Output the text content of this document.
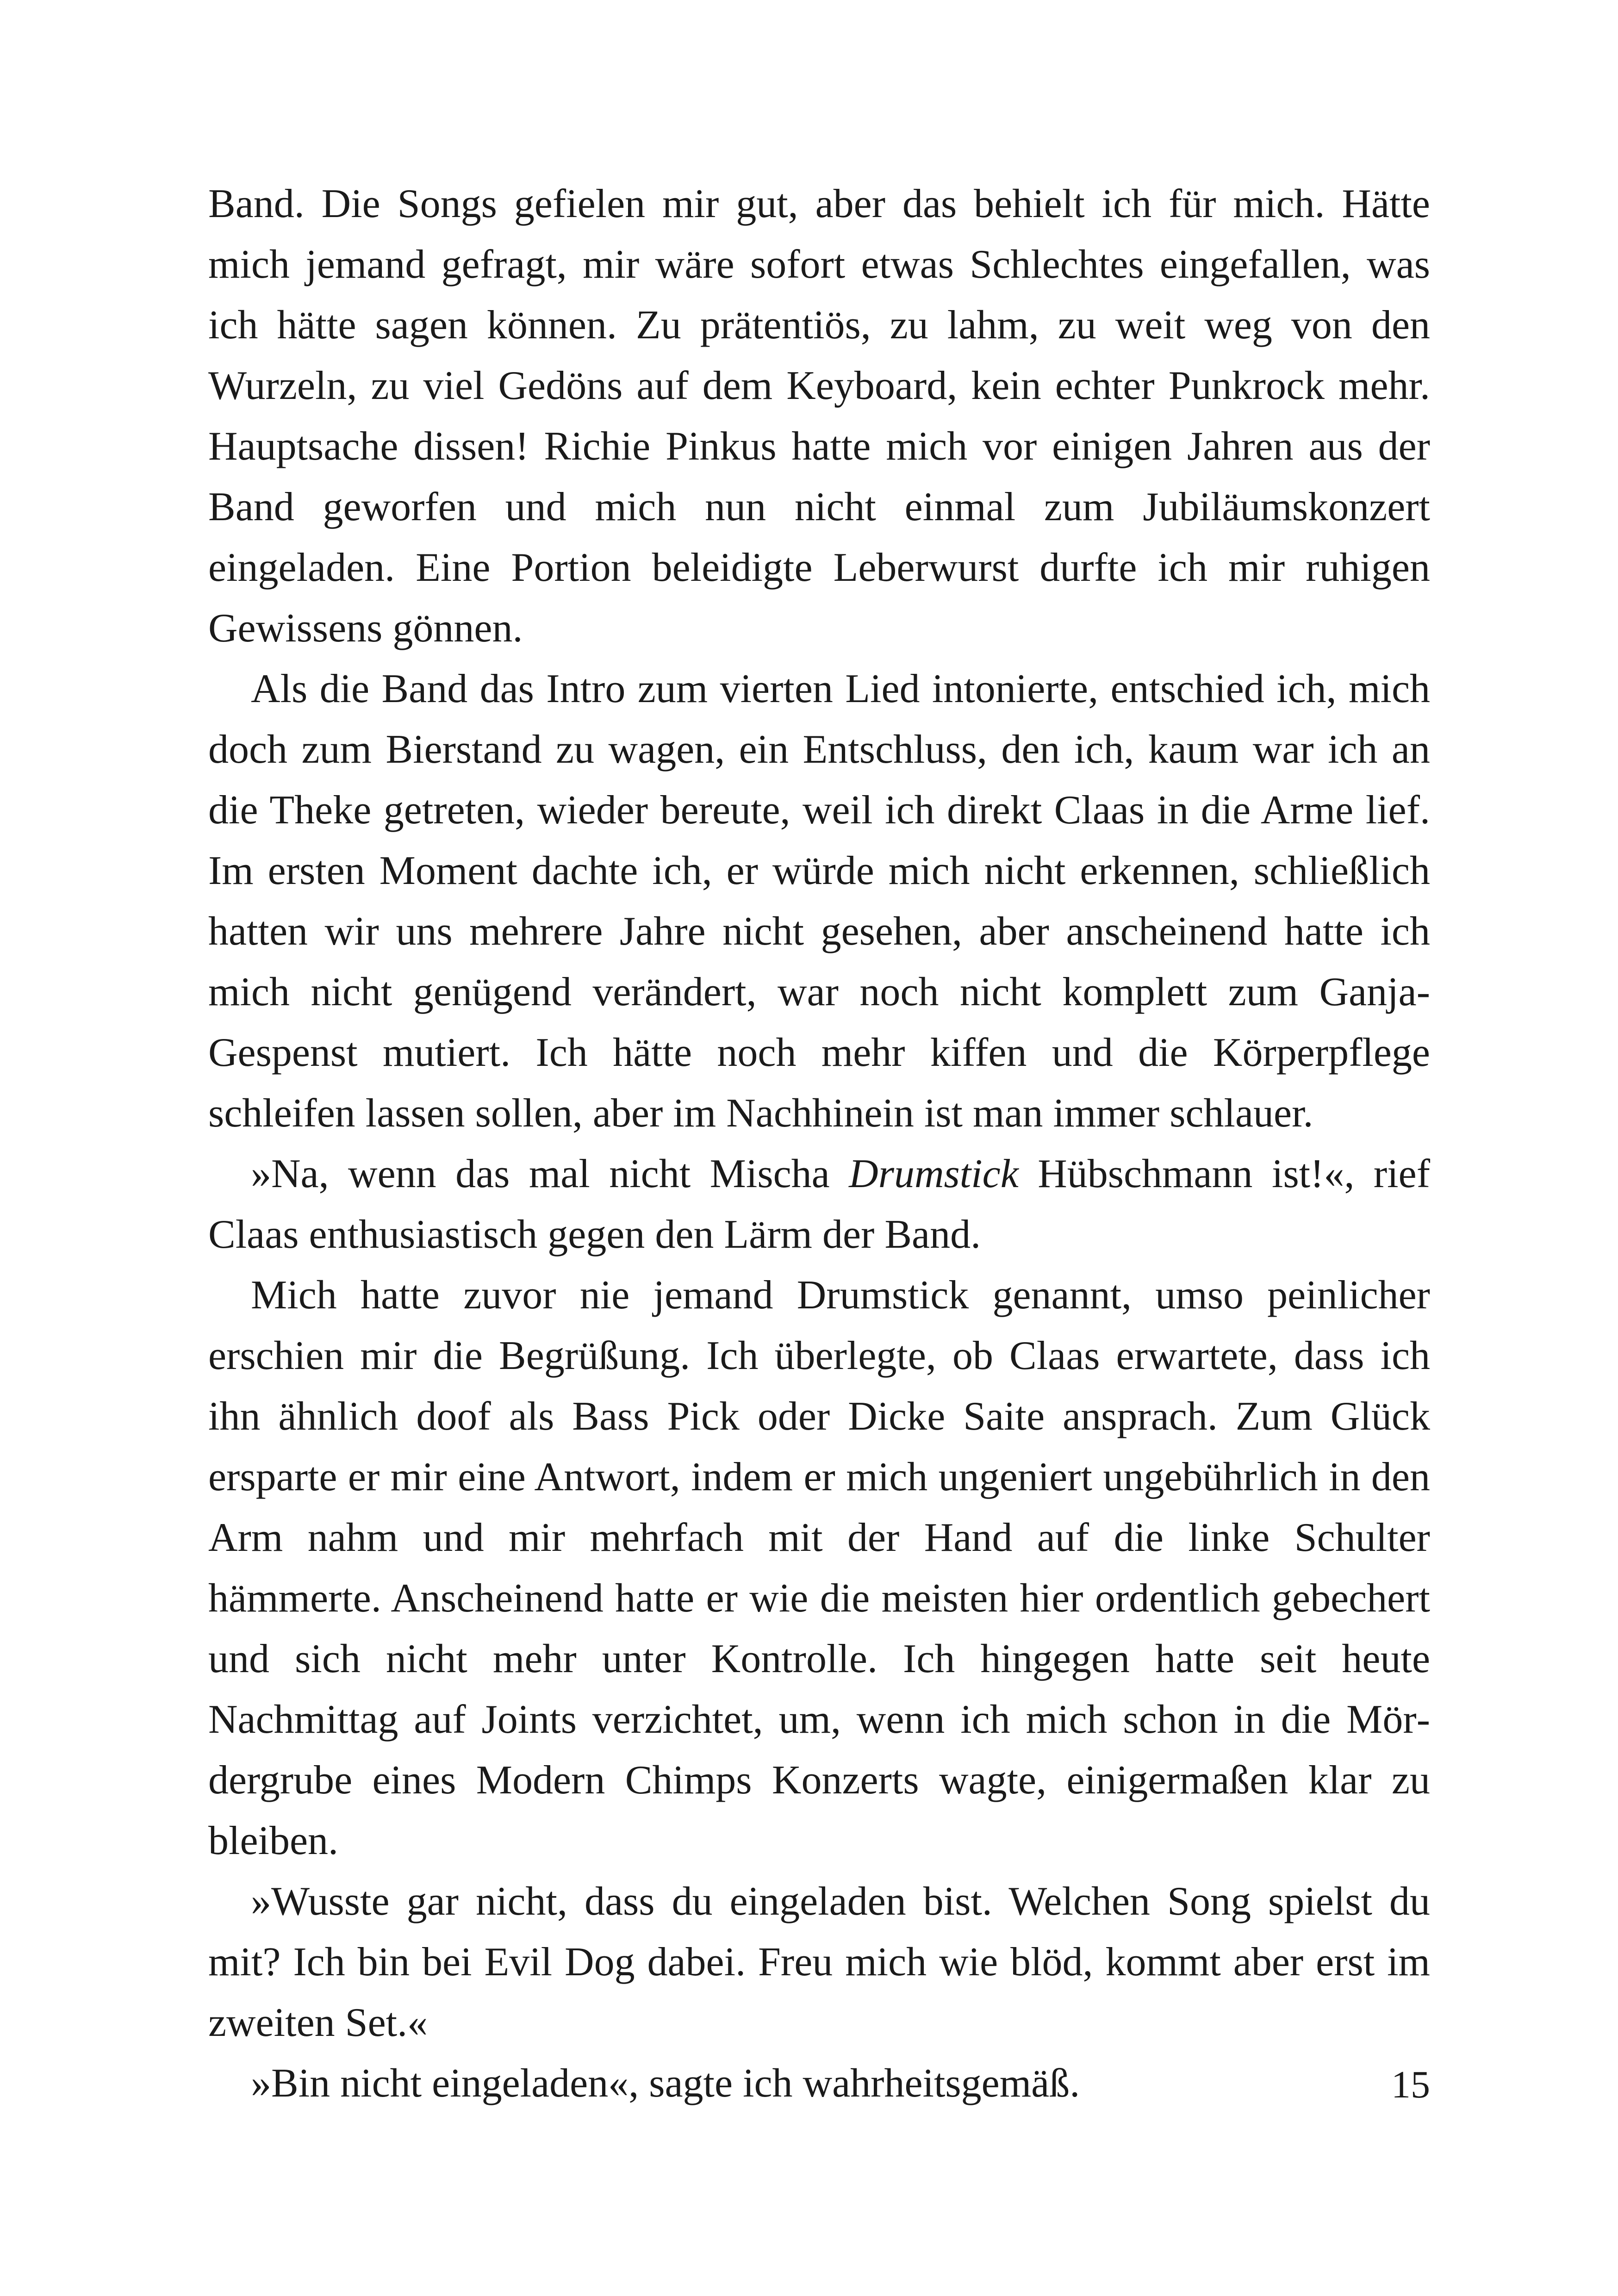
Band. Die Songs gefielen mir gut, aber das behielt ich für mich. Hätte mich jemand gefragt, mir wäre sofort etwas Schlechtes eingefallen, was ich hätte sagen können. Zu prätentiös, zu lahm, zu weit weg von den Wurzeln, zu viel Gedöns auf dem Keyboard, kein echter Punkrock mehr. Hauptsache dissen! Richie Pinkus hatte mich vor einigen Jahren aus der Band geworfen und mich nun nicht einmal zum Jubiläumskonzert eingeladen. Eine Portion beleidigte Leberwurst durfte ich mir ruhigen Gewissens gönnen.

Als die Band das Intro zum vierten Lied intonierte, entschied ich, mich doch zum Bierstand zu wagen, ein Entschluss, den ich, kaum war ich an die Theke getreten, wieder bereute, weil ich direkt Claas in die Arme lief. Im ersten Moment dachte ich, er würde mich nicht erkennen, schließlich hatten wir uns mehrere Jahre nicht gesehen, aber anscheinend hatte ich mich nicht genügend verändert, war noch nicht komplett zum Ganja-Gespenst mutiert. Ich hätte noch mehr kiffen und die Körperpflege schleifen lassen sollen, aber im Nachhinein ist man immer schlauer.

»Na, wenn das mal nicht Mischa Drumstick Hübschmann ist!«, rief Claas enthusiastisch gegen den Lärm der Band.

Mich hatte zuvor nie jemand Drumstick genannt, umso peinlicher erschien mir die Begrüßung. Ich überlegte, ob Claas erwartete, dass ich ihn ähnlich doof als Bass Pick oder Dicke Saite ansprach. Zum Glück ersparte er mir eine Antwort, indem er mich ungeniert ungebührlich in den Arm nahm und mir mehrfach mit der Hand auf die linke Schulter hämmerte. Anscheinend hatte er wie die meisten hier ordentlich gebechert und sich nicht mehr unter Kontrolle. Ich hingegen hatte seit heute Nachmittag auf Joints verzichtet, um, wenn ich mich schon in die Mördergrube eines Modern Chimps Konzerts wagte, einigermaßen klar zu bleiben.

»Wusste gar nicht, dass du eingeladen bist. Welchen Song spielst du mit? Ich bin bei Evil Dog dabei. Freu mich wie blöd, kommt aber erst im zweiten Set.«

»Bin nicht eingeladen«, sagte ich wahrheitsgemäß.	15
